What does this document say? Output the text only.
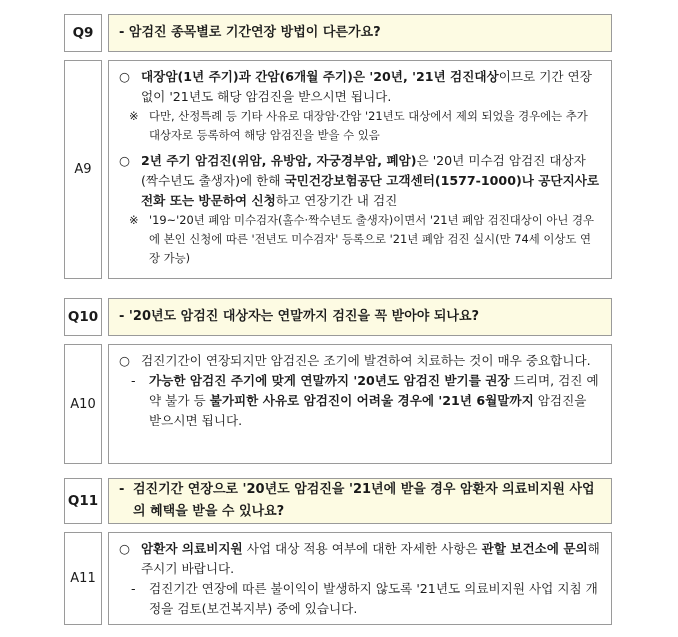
Q9	- 암검진 종목별로 기간연장 방법이 다른가요?
A9

○ 대장암(1년 주기)과 간암(6개월 주기)은 '20년, '21년 검진대상이므로 기간 연장 없이 '21년도 해당 암검진을 받으시면 됩니다.

※ 다만, 산정특례 등 기타 사유로 대장암·간암 '21년도 대상에서 제외 되었을 경우에는 추가 대상자로 등록하여 해당 암검진을 받을 수 있음

○ 2년 주기 암검진(위암, 유방암, 자궁경부암, 폐암)은 '20년 미수검 암검진 대상자(짝수년도 출생자)에 한해 국민건강보험공단 고객센터(1577-1000)나 공단지사로 전화 또는 방문하여 신청하고 연장기간 내 검진

※ '19~'20년 폐암 미수검자(홀수·짝수년도 출생자)이면서 '21년 폐암 검진대상이 아닌 경우에 본인 신청에 따른 '전년도 미수검자' 등록으로 '21년 폐암 검진 실시(만 74세 이상도 연장 가능)

Q10	- '20년도 암검진 대상자는 연말까지 검진을 꼭 받아야 되나요?
A10

○ 검진기간이 연장되지만 암검진은 조기에 발견하여 치료하는 것이 매우 중요합니다.

- 가능한 암검진 주기에 맞게 연말까지 '20년도 암검진 받기를 권장 드리며, 검진 예약 불가 등 불가피한 사유로 암검진이 어려울 경우에 '21년 6월말까지 암검진을 받으시면 됩니다.

Q11
- 검진기간 연장으로 '20년도 암검진을 '21년에 받을 경우 암환자 의료비지원 사업의 혜택을 받을 수 있나요?
A11

○ 암환자 의료비지원 사업 대상 적용 여부에 대한 자세한 사항은 관할 보건소에 문의해 주시기 바랍니다.

- 검진기간 연장에 따른 불이익이 발생하지 않도록 '21년도 의료비지원 사업 지침 개정을 검토(보건복지부) 중에 있습니다.
